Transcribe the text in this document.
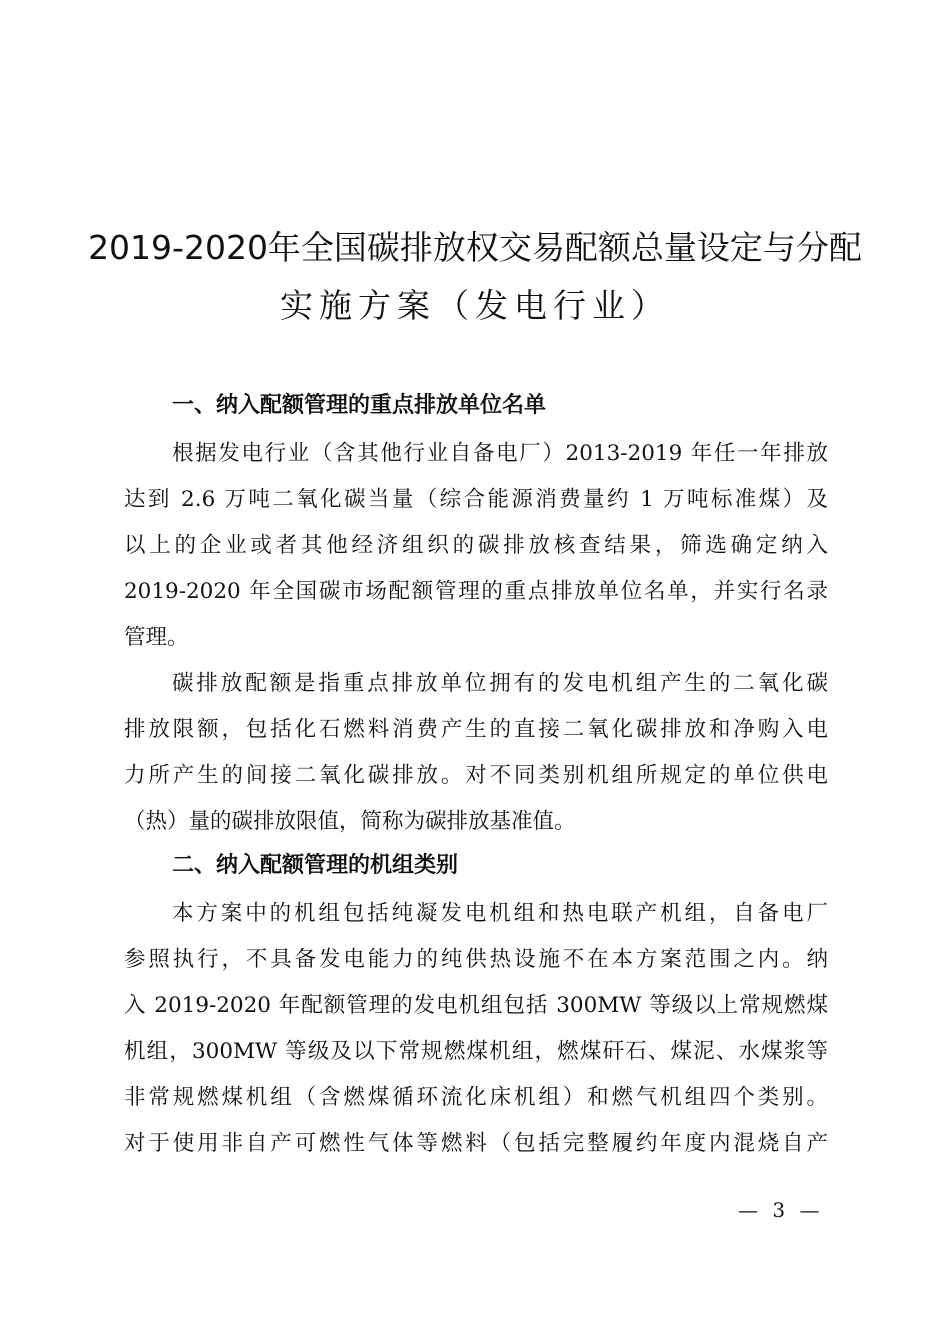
2019-2020年全国碳排放权交易配额总量设定与分配
实施方案（发电行业）
一、纳入配额管理的重点排放单位名单
根据发电行业（含其他行业自备电厂）2013-2019 年任一年排放
达到 2.6 万吨二氧化碳当量（综合能源消费量约 1 万吨标准煤）及
以上的企业或者其他经济组织的碳排放核查结果，筛选确定纳入
2019-2020 年全国碳市场配额管理的重点排放单位名单，并实行名录
管理。
碳排放配额是指重点排放单位拥有的发电机组产生的二氧化碳
排放限额，包括化石燃料消费产生的直接二氧化碳排放和净购入电
力所产生的间接二氧化碳排放。对不同类别机组所规定的单位供电
（热）量的碳排放限值，简称为碳排放基准值。
二、纳入配额管理的机组类别
本方案中的机组包括纯凝发电机组和热电联产机组，自备电厂
参照执行，不具备发电能力的纯供热设施不在本方案范围之内。纳
入 2019-2020 年配额管理的发电机组包括 300MW 等级以上常规燃煤
机组，300MW 等级及以下常规燃煤机组，燃煤矸石、煤泥、水煤浆等
非常规燃煤机组（含燃煤循环流化床机组）和燃气机组四个类别。
对于使用非自产可燃性气体等燃料（包括完整履约年度内混烧自产
— 3 —
